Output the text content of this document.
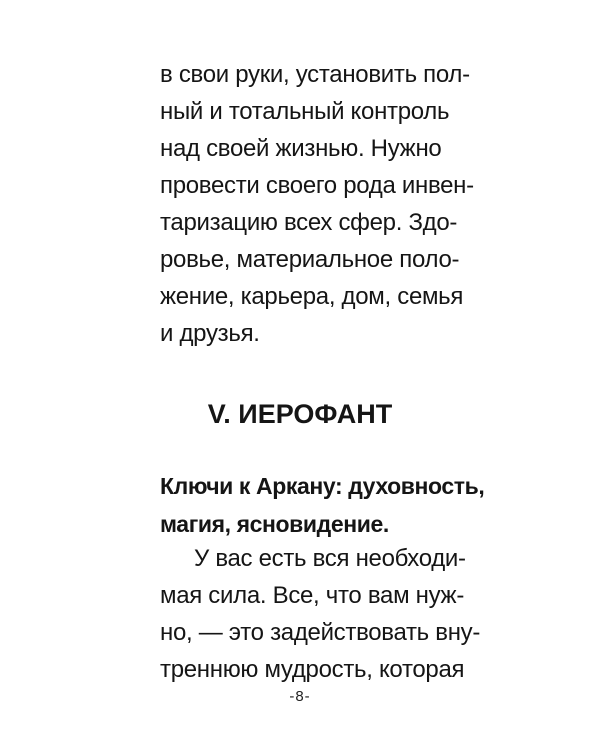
в свои руки, установить пол-
ный и тотальный контроль
над своей жизнью. Нужно
провести своего рода инвен-
таризацию всех сфер. Здо-
ровье, материальное поло-
жение, карьера, дом, семья
и друзья.
V. ИЕРОФАНТ
Ключи к Аркану: духовность,
магия, ясновидение.
У вас есть вся необходи-
мая сила. Все, что вам нуж-
но, — это задействовать вну-
треннюю мудрость, которая
-8-
